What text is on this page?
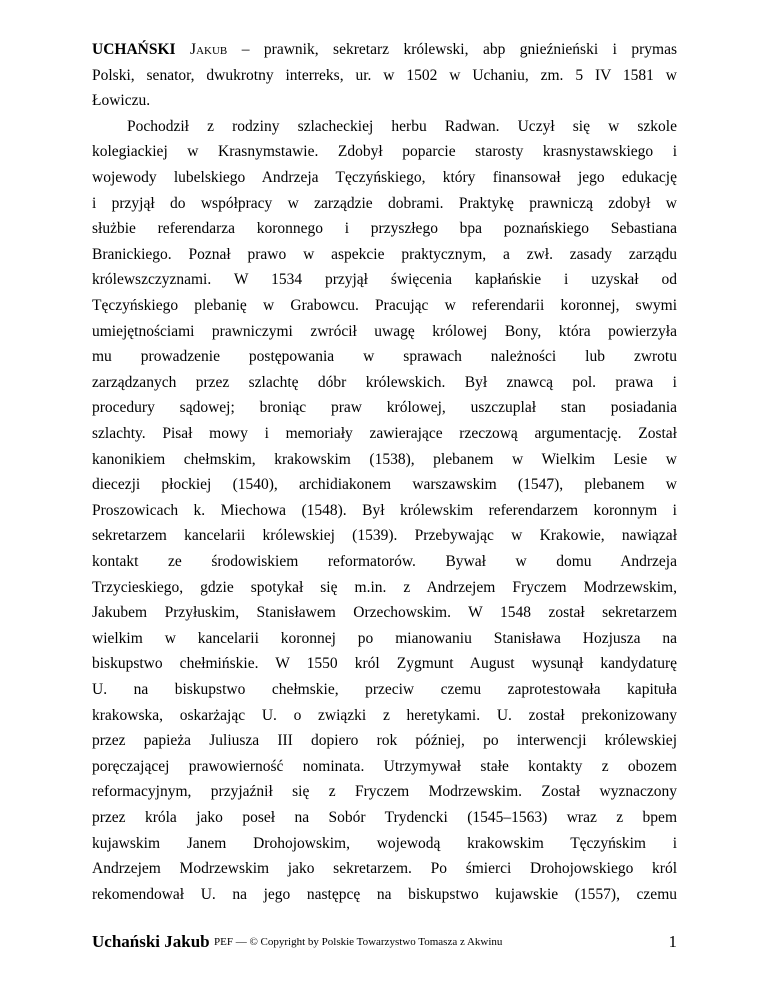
UCHAŃSKI Jakub – prawnik, sekretarz królewski, abp gnieźnieński i prymas
Polski, senator, dwukrotny interreks, ur. w 1502 w Uchaniu, zm. 5 IV 1581 w
Łowiczu.
Pochodził z rodziny szlacheckiej herbu Radwan. Uczył się w szkole
kolegiackiej w Krasnymstawie. Zdobył poparcie starosty krasnystawskiego i
wojewody lubelskiego Andrzeja Tęczyńskiego, który finansował jego edukację
i przyjął do współpracy w zarządzie dobrami. Praktykę prawniczą zdobył w
służbie referendarza koronnego i przyszłego bpa poznańskiego Sebastiana
Branickiego. Poznał prawo w aspekcie praktycznym, a zwł. zasady zarządu
królewszczyznami. W 1534 przyjął święcenia kapłańskie i uzyskał od
Tęczyńskiego plebanię w Grabowcu. Pracując w referendarii koronnej, swymi
umiejętnościami prawniczymi zwrócił uwagę królowej Bony, która powierzyła
mu prowadzenie postępowania w sprawach należności lub zwrotu
zarządzanych przez szlachtę dóbr królewskich. Był znawcą pol. prawa i
procedury sądowej; broniąc praw królowej, uszczuplał stan posiadania
szlachty. Pisał mowy i memoriały zawierające rzeczową argumentację. Został
kanonikiem chełmskim, krakowskim (1538), plebanem w Wielkim Lesie w
diecezji płockiej (1540), archidiakonem warszawskim (1547), plebanem w
Proszowicach k. Miechowa (1548). Był królewskim referendarzem koronnym i
sekretarzem kancelarii królewskiej (1539). Przebywając w Krakowie, nawiązał
kontakt ze środowiskiem reformatorów. Bywał w domu Andrzeja
Trzycieskiego, gdzie spotykał się m.in. z Andrzejem Fryczem Modrzewskim,
Jakubem Przyłuskim, Stanisławem Orzechowskim. W 1548 został sekretarzem
wielkim w kancelarii koronnej po mianowaniu Stanisława Hozjusza na
biskupstwo chełmińskie. W 1550 król Zygmunt August wysunął kandydaturę
U. na biskupstwo chełmskie, przeciw czemu zaprotestowała kapituła
krakowska, oskarżając U. o związki z heretykami. U. został prekonizowany
przez papieża Juliusza III dopiero rok później, po interwencji królewskiej
poręczającej prawowierność nominata. Utrzymywał stałe kontakty z obozem
reformacyjnym, przyjaźnił się z Fryczem Modrzewskim. Został wyznaczony
przez króla jako poseł na Sobór Trydencki (1545–1563) wraz z bpem
kujawskim Janem Drohojowskim, wojewodą krakowskim Tęczyńskim i
Andrzejem Modrzewskim jako sekretarzem. Po śmierci Drohojowskiego król
rekomendował U. na jego następcę na biskupstwo kujawskie (1557), czemu
Uchański Jakub PEF — © Copyright by Polskie Towarzystwo Tomasza z Akwinu	1
